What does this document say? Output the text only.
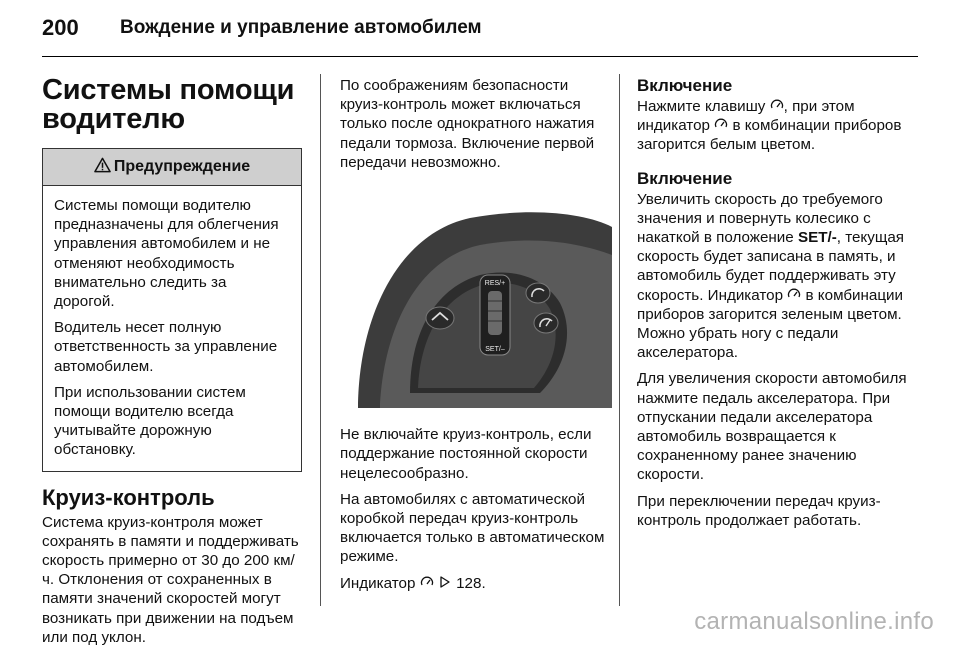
200	Вождение и управление автомобилем
Системы помощи
водителю
Предупреждение

Системы помощи водителю предназначены для облегчения управления автомобилем и не отменяют необходимость внимательно следить за дорогой.

Водитель несет полную ответственность за управление автомобилем.

При использовании систем помощи водителю всегда учитывайте дорожную обстановку.

Круиз-контроль

Система круиз-контроля может сохранять в памяти и поддерживать скорость примерно от 30 до 200 км/ч. Отклонения от сохраненных в памяти значений скоростей могут возникать при движении на подъем или под уклон.

По соображениям безопасности круиз-контроль может включаться только после однократного нажатия педали тормоза. Включение первой передачи невозможно.

RES/+
SET/–

Не включайте круиз-контроль, если поддержание постоянной скорости нецелесообразно.

На автомобилях с автоматической коробкой передач круиз-контроль включается только в автоматическом режиме.

Индикатор   128.

Включение

Нажмите клавишу , при этом индикатор  в комбинации приборов загорится белым цветом.

Включение

Увеличить скорость до требуемого значения и повернуть колесико с накаткой в положение SET/-, текущая скорость будет записана в память, и автомобиль будет поддерживать эту скорость. Индикатор  в комбинации приборов загорится зеленым цветом. Можно убрать ногу с педали акселератора.

Для увеличения скорости автомобиля нажмите педаль акселератора. При отпускании педали акселератора автомобиль возвращается к сохраненному ранее значению скорости.

При переключении передач круиз-контроль продолжает работать.

carmanualsonline.info
